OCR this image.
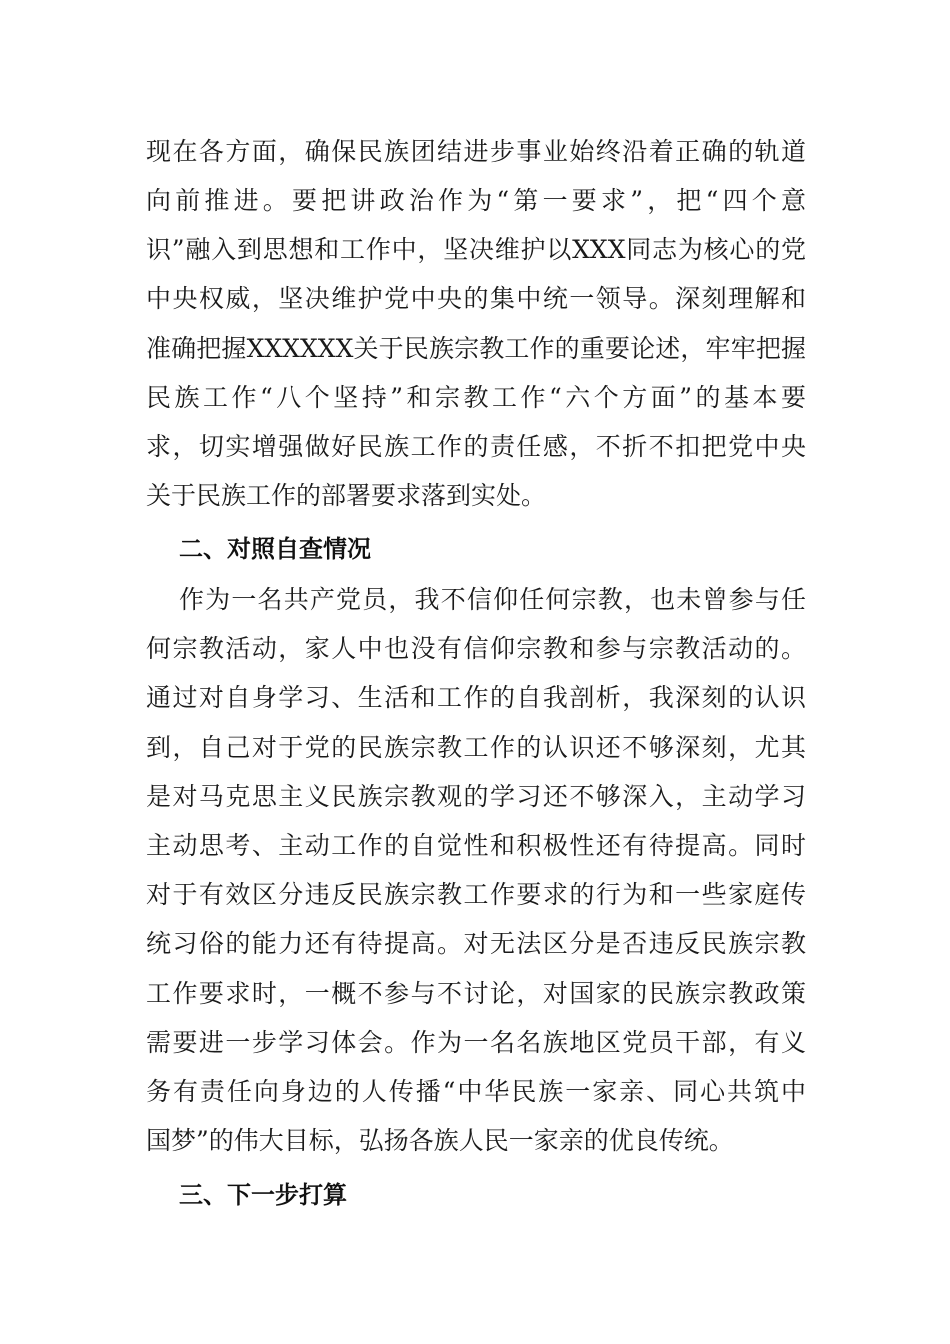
现在各方面，确保民族团结进步事业始终沿着正确的轨道
向前推进。要把讲政治作为“第一要求”，把“四个意
识”融入到思想和工作中，坚决维护以XXX同志为核心的党
中央权威，坚决维护党中央的集中统一领导。深刻理解和
准确把握XXXXXX关于民族宗教工作的重要论述，牢牢把握
民族工作“八个坚持”和宗教工作“六个方面”的基本要
求，切实增强做好民族工作的责任感，不折不扣把党中央
关于民族工作的部署要求落到实处。
二、对照自查情况
作为一名共产党员，我不信仰任何宗教，也未曾参与任
何宗教活动，家人中也没有信仰宗教和参与宗教活动的。
通过对自身学习、生活和工作的自我剖析，我深刻的认识
到，自己对于党的民族宗教工作的认识还不够深刻，尤其
是对马克思主义民族宗教观的学习还不够深入，主动学习
主动思考、主动工作的自觉性和积极性还有待提高。同时
对于有效区分违反民族宗教工作要求的行为和一些家庭传
统习俗的能力还有待提高。对无法区分是否违反民族宗教
工作要求时，一概不参与不讨论，对国家的民族宗教政策
需要进一步学习体会。作为一名名族地区党员干部，有义
务有责任向身边的人传播“中华民族一家亲、同心共筑中
国梦”的伟大目标，弘扬各族人民一家亲的优良传统。
三、下一步打算
